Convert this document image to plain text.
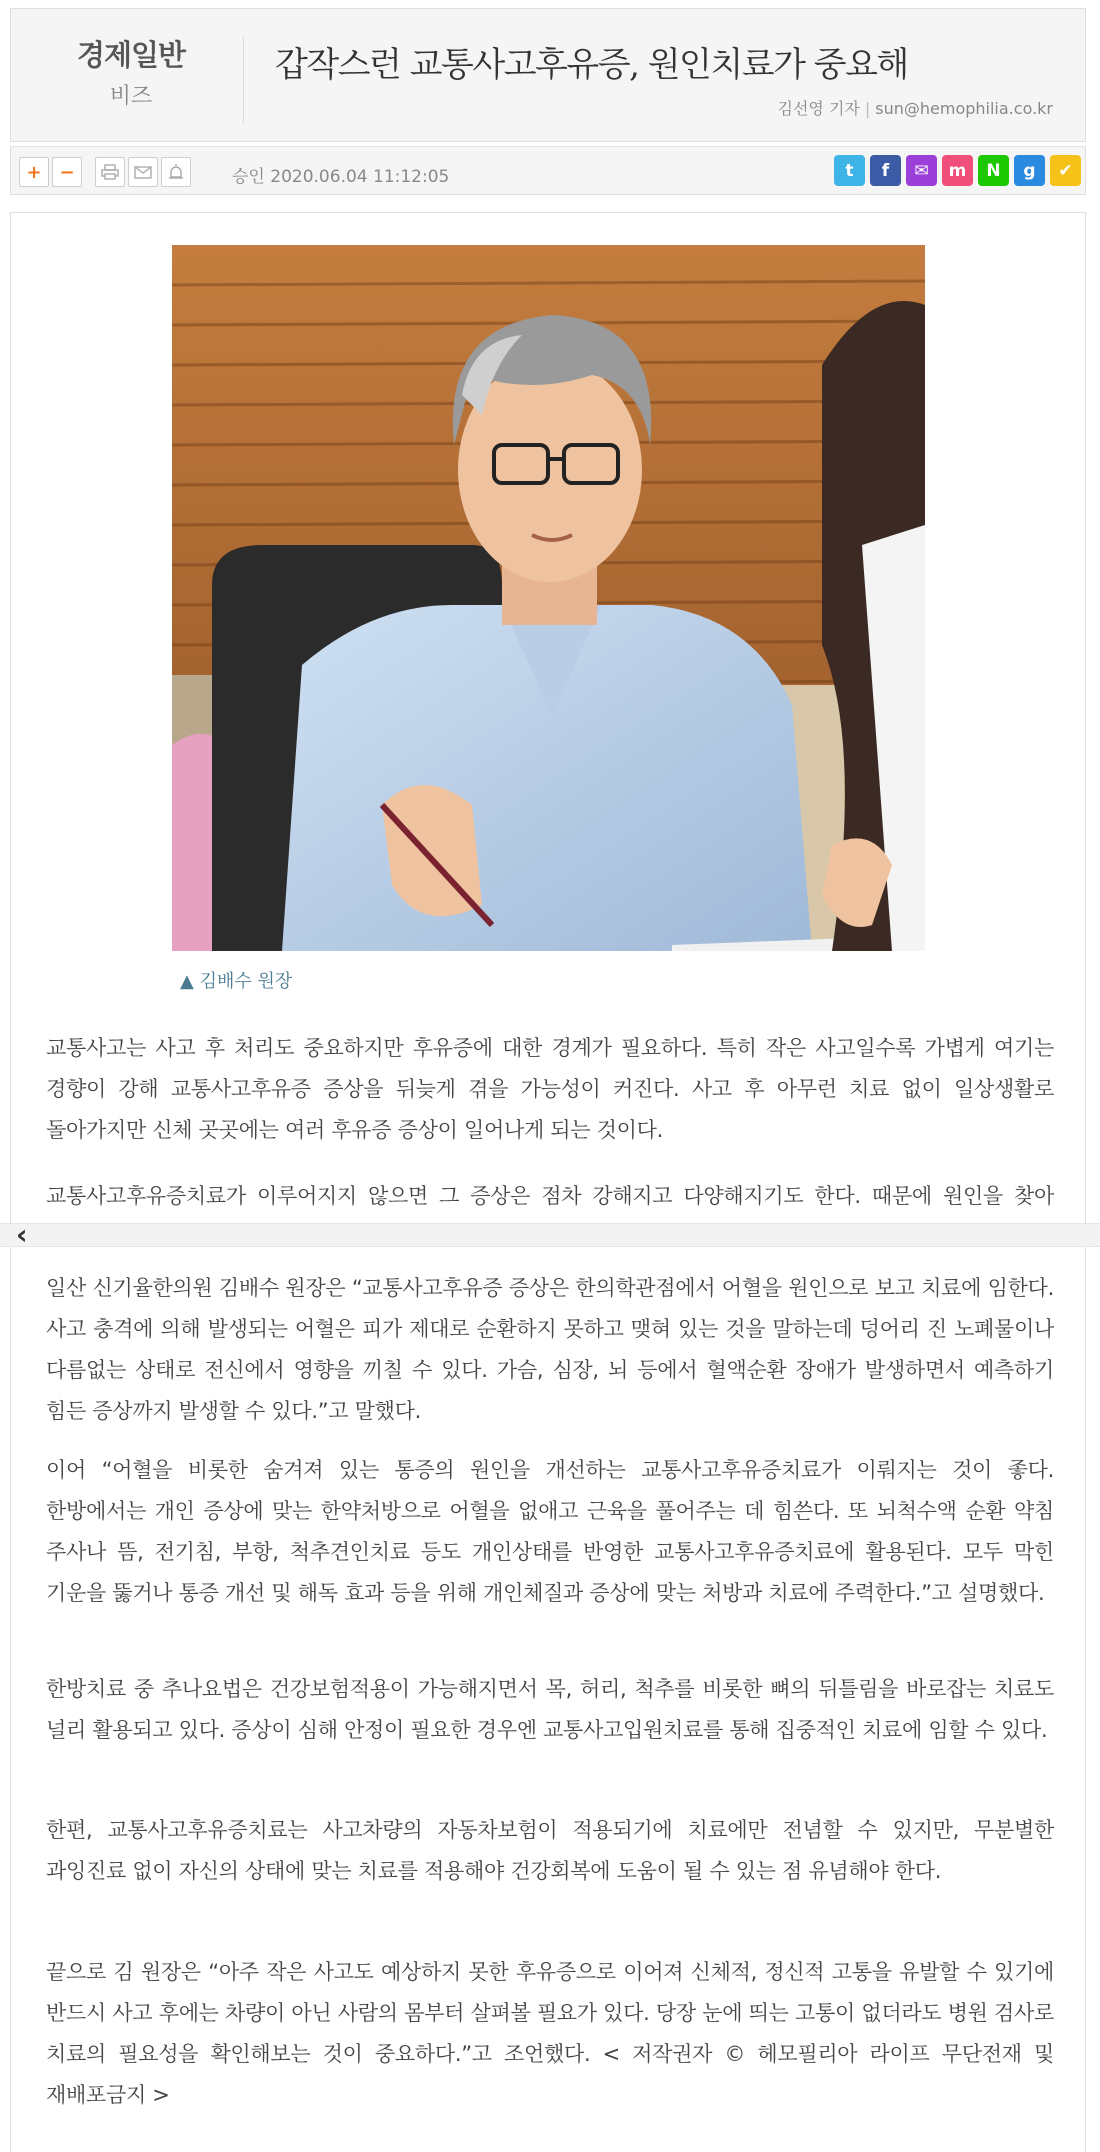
경제일반
비즈
갑작스런 교통사고후유증, 원인치료가 중요해
김선영 기자 | sun@hemophilia.co.kr
+ −	승인 2020.06.04 11:12:05	t	f	✉	m	N	g	✔
▲ 김배수 원장
교통사고는 사고 후 처리도 중요하지만 후유증에 대한 경계가 필요하다. 특히 작은 사고일수록 가볍게 여기는 경향이 강해 교통사고후유증 증상을 뒤늦게 겪을 가능성이 커진다. 사고 후 아무런 치료 없이 일상생활로 돌아가지만 신체 곳곳에는 여러 후유증 증상이 일어나게 되는 것이다.
교통사고후유증치료가 이루어지지 않으면 그 증상은 점차 강해지고 다양해지기도 한다. 때문에 원인을 찾아
‹
일산 신기율한의원 김배수 원장은 “교통사고후유증 증상은 한의학관점에서 어혈을 원인으로 보고 치료에 임한다. 사고 충격에 의해 발생되는 어혈은 피가 제대로 순환하지 못하고 맺혀 있는 것을 말하는데 덩어리 진 노폐물이나 다름없는 상태로 전신에서 영향을 끼칠 수 있다. 가슴, 심장, 뇌 등에서 혈액순환 장애가 발생하면서 예측하기 힘든 증상까지 발생할 수 있다.”고 말했다.
이어 “어혈을 비롯한 숨겨져 있는 통증의 원인을 개선하는 교통사고후유증치료가 이뤄지는 것이 좋다. 한방에서는 개인 증상에 맞는 한약처방으로 어혈을 없애고 근육을 풀어주는 데 힘쓴다. 또 뇌척수액 순환 약침 주사나 뜸, 전기침, 부항, 척추견인치료 등도 개인상태를 반영한 교통사고후유증치료에 활용된다. 모두 막힌 기운을 뚫거나 통증 개선 및 해독 효과 등을 위해 개인체질과 증상에 맞는 처방과 치료에 주력한다.”고 설명했다.
한방치료 중 추나요법은 건강보험적용이 가능해지면서 목, 허리, 척추를 비롯한 뼈의 뒤틀림을 바로잡는 치료도 널리 활용되고 있다. 증상이 심해 안정이 필요한 경우엔 교통사고입원치료를 통해 집중적인 치료에 임할 수 있다.
한편, 교통사고후유증치료는 사고차량의 자동차보험이 적용되기에 치료에만 전념할 수 있지만, 무분별한 과잉진료 없이 자신의 상태에 맞는 치료를 적용해야 건강회복에 도움이 될 수 있는 점 유념해야 한다.
끝으로 김 원장은 “아주 작은 사고도 예상하지 못한 후유증으로 이어져 신체적, 정신적 고통을 유발할 수 있기에 반드시 사고 후에는 차량이 아닌 사람의 몸부터 살펴볼 필요가 있다. 당장 눈에 띄는 고통이 없더라도 병원 검사로 치료의 필요성을 확인해보는 것이 중요하다.”고 조언했다. < 저작권자 © 헤모필리아 라이프 무단전재 및 재배포금지 >
